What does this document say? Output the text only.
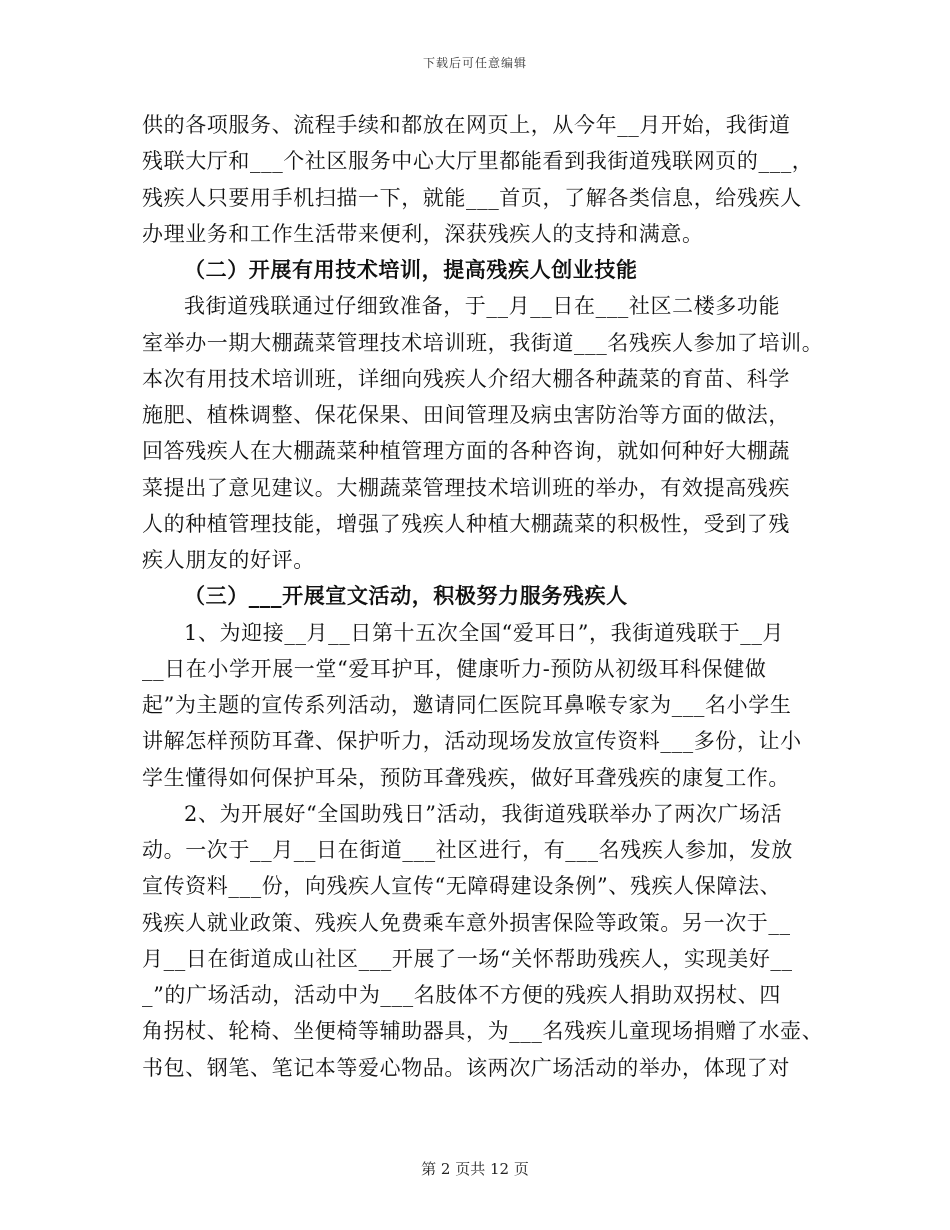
下载后可任意编辑
供的各项服务、流程手续和都放在网页上，从今年__月开始，我街道
残联大厅和___个社区服务中心大厅里都能看到我街道残联网页的___，
残疾人只要用手机扫描一下，就能___首页，了解各类信息，给残疾人
办理业务和工作生活带来便利，深获残疾人的支持和满意。
（二）开展有用技术培训，提高残疾人创业技能
我街道残联通过仔细致准备，于__月__日在___社区二楼多功能
室举办一期大棚蔬菜管理技术培训班，我街道___名残疾人参加了培训。
本次有用技术培训班，详细向残疾人介绍大棚各种蔬菜的育苗、科学
施肥、植株调整、保花保果、田间管理及病虫害防治等方面的做法，
回答残疾人在大棚蔬菜种植管理方面的各种咨询，就如何种好大棚蔬
菜提出了意见建议。大棚蔬菜管理技术培训班的举办，有效提高残疾
人的种植管理技能，增强了残疾人种植大棚蔬菜的积极性，受到了残
疾人朋友的好评。
（三）___开展宣文活动，积极努力服务残疾人
1、为迎接__月__日第十五次全国“爱耳日”，我街道残联于__月
__日在小学开展一堂“爱耳护耳，健康听力-预防从初级耳科保健做
起”为主题的宣传系列活动，邀请同仁医院耳鼻喉专家为___名小学生
讲解怎样预防耳聋、保护听力，活动现场发放宣传资料___多份，让小
学生懂得如何保护耳朵，预防耳聋残疾，做好耳聋残疾的康复工作。
2、为开展好“全国助残日”活动，我街道残联举办了两次广场活
动。一次于__月__日在街道___社区进行，有___名残疾人参加，发放
宣传资料___份，向残疾人宣传“无障碍建设条例”、残疾人保障法、
残疾人就业政策、残疾人免费乘车意外损害保险等政策。另一次于__
月__日在街道成山社区___开展了一场“关怀帮助残疾人，实现美好__
_”的广场活动，活动中为___名肢体不方便的残疾人捐助双拐杖、四
角拐杖、轮椅、坐便椅等辅助器具，为___名残疾儿童现场捐赠了水壶、
书包、钢笔、笔记本等爱心物品。该两次广场活动的举办，体现了对
第 2 页共 12 页
